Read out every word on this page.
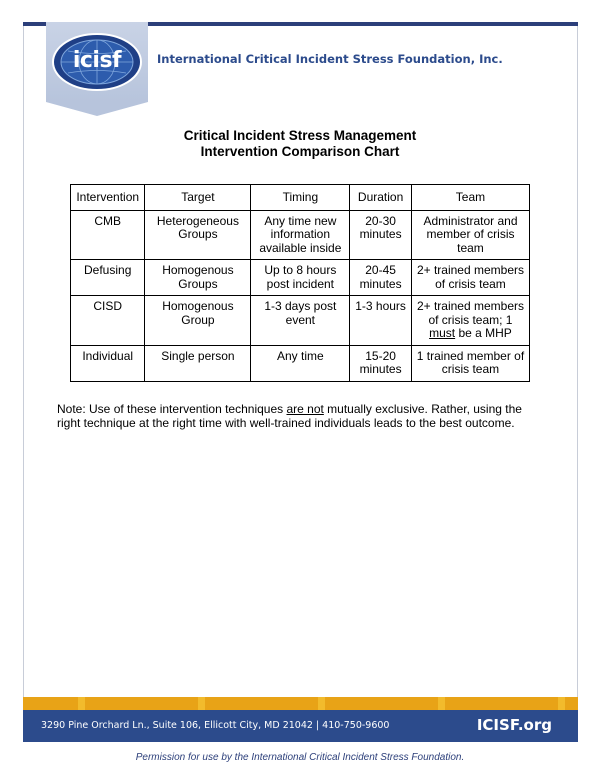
icisf	International Critical Incident Stress Foundation, Inc.
Critical Incident Stress Management
Intervention Comparison Chart
Intervention	Target	Timing	Duration	Team
CMB	Heterogeneous Groups	Any time new information available inside	20-30 minutes	Administrator and member of crisis team
Defusing	Homogenous Groups	Up to 8 hours post incident	20-45 minutes	2+ trained members of crisis team
CISD	Homogenous Group	1-3 days post event	1-3 hours	2+ trained members of crisis team; 1 must be a MHP
Individual	Single person	Any time	15-20 minutes	1 trained member of crisis team
Note: Use of these intervention techniques are not mutually exclusive. Rather, using the right technique at the right time with well-trained individuals leads to the best outcome.
3290 Pine Orchard Ln., Suite 106, Ellicott City, MD 21042 | 410-750-9600	ICISF.org
Permission for use by the International Critical Incident Stress Foundation.
